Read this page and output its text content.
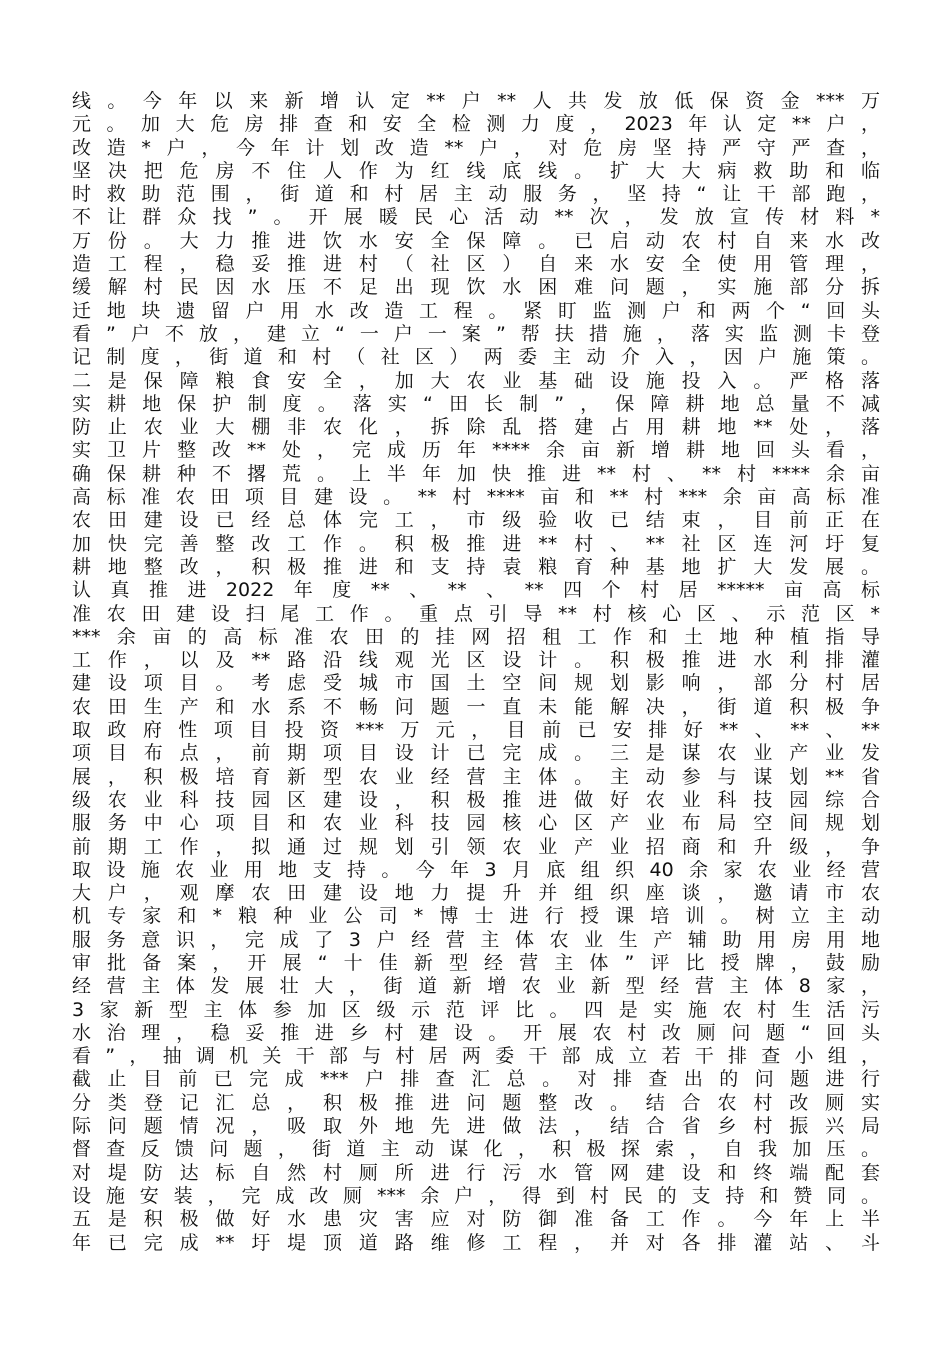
线。今年以来新增认定**户**人共发放低保资金***万
元。加大危房排查和安全检测力度，2023年认定**户，
改造*户，今年计划改造**户，对危房坚持严守严查，
坚决把危房不住人作为红线底线。扩大大病救助和临
时救助范围，街道和村居主动服务，坚持“让干部跑，
不让群众找”。开展暖民心活动**次，发放宣传材料*
万份。大力推进饮水安全保障。已启动农村自来水改
造工程，稳妥推进村（社区）自来水安全使用管理，
缓解村民因水压不足出现饮水困难问题，实施部分拆
迁地块遗留户用水改造工程。紧盯监测户和两个“回头
看”户不放，建立“一户一案”帮扶措施，落实监测卡登
记制度，街道和村（社区）两委主动介入，因户施策。
二是保障粮食安全，加大农业基础设施投入。严格落
实耕地保护制度。落实“田长制”，保障耕地总量不减
防止农业大棚非农化，拆除乱搭建占用耕地**处，落
实卫片整改**处，完成历年****余亩新增耕地回头看，
确保耕种不撂荒。上半年加快推进**村、**村****余亩
高标准农田项目建设。**村****亩和**村***余亩高标准
农田建设已经总体完工，市级验收已结束，目前正在
加快完善整改工作。积极推进**村、**社区连河圩复
耕地整改，积极推进和支持袁粮育种基地扩大发展。
认真推进2022年度**、**、**四个村居*****亩高标
准农田建设扫尾工作。重点引导**村核心区、示范区*
***余亩的高标准农田的挂网招租工作和土地种植指导
工作，以及**路沿线观光区设计。积极推进水利排灌
建设项目。考虑受城市国土空间规划影响，部分村居
农田生产和水系不畅问题一直未能解决，街道积极争
取政府性项目投资***万元，目前已安排好**、**、**
项目布点，前期项目设计已完成。三是谋农业产业发
展，积极培育新型农业经营主体。主动参与谋划**省
级农业科技园区建设，积极推进做好农业科技园综合
服务中心项目和农业科技园核心区产业布局空间规划
前期工作，拟通过规划引领农业产业招商和升级，争
取设施农业用地支持。今年3月底组织40余家农业经营
大户，观摩农田建设地力提升并组织座谈，邀请市农
机专家和*粮种业公司*博士进行授课培训。树立主动
服务意识，完成了3户经营主体农业生产辅助用房用地
审批备案，开展“十佳新型经营主体”评比授牌，鼓励
经营主体发展壮大，街道新增农业新型经营主体8家，
3家新型主体参加区级示范评比。四是实施农村生活污
水治理，稳妥推进乡村建设。开展农村改厕问题“回头
看”，抽调机关干部与村居两委干部成立若干排查小组，
截止目前已完成***户排查汇总。对排查出的问题进行
分类登记汇总，积极推进问题整改。结合农村改厕实
际问题情况，吸取外地先进做法，结合省乡村振兴局
督查反馈问题，街道主动谋化，积极探索，自我加压。
对堤防达标自然村厕所进行污水管网建设和终端配套
设施安装，完成改厕***余户，得到村民的支持和赞同。
五是积极做好水患灾害应对防御准备工作。今年上半
年已完成**圩堤顶道路维修工程，并对各排灌站、斗
